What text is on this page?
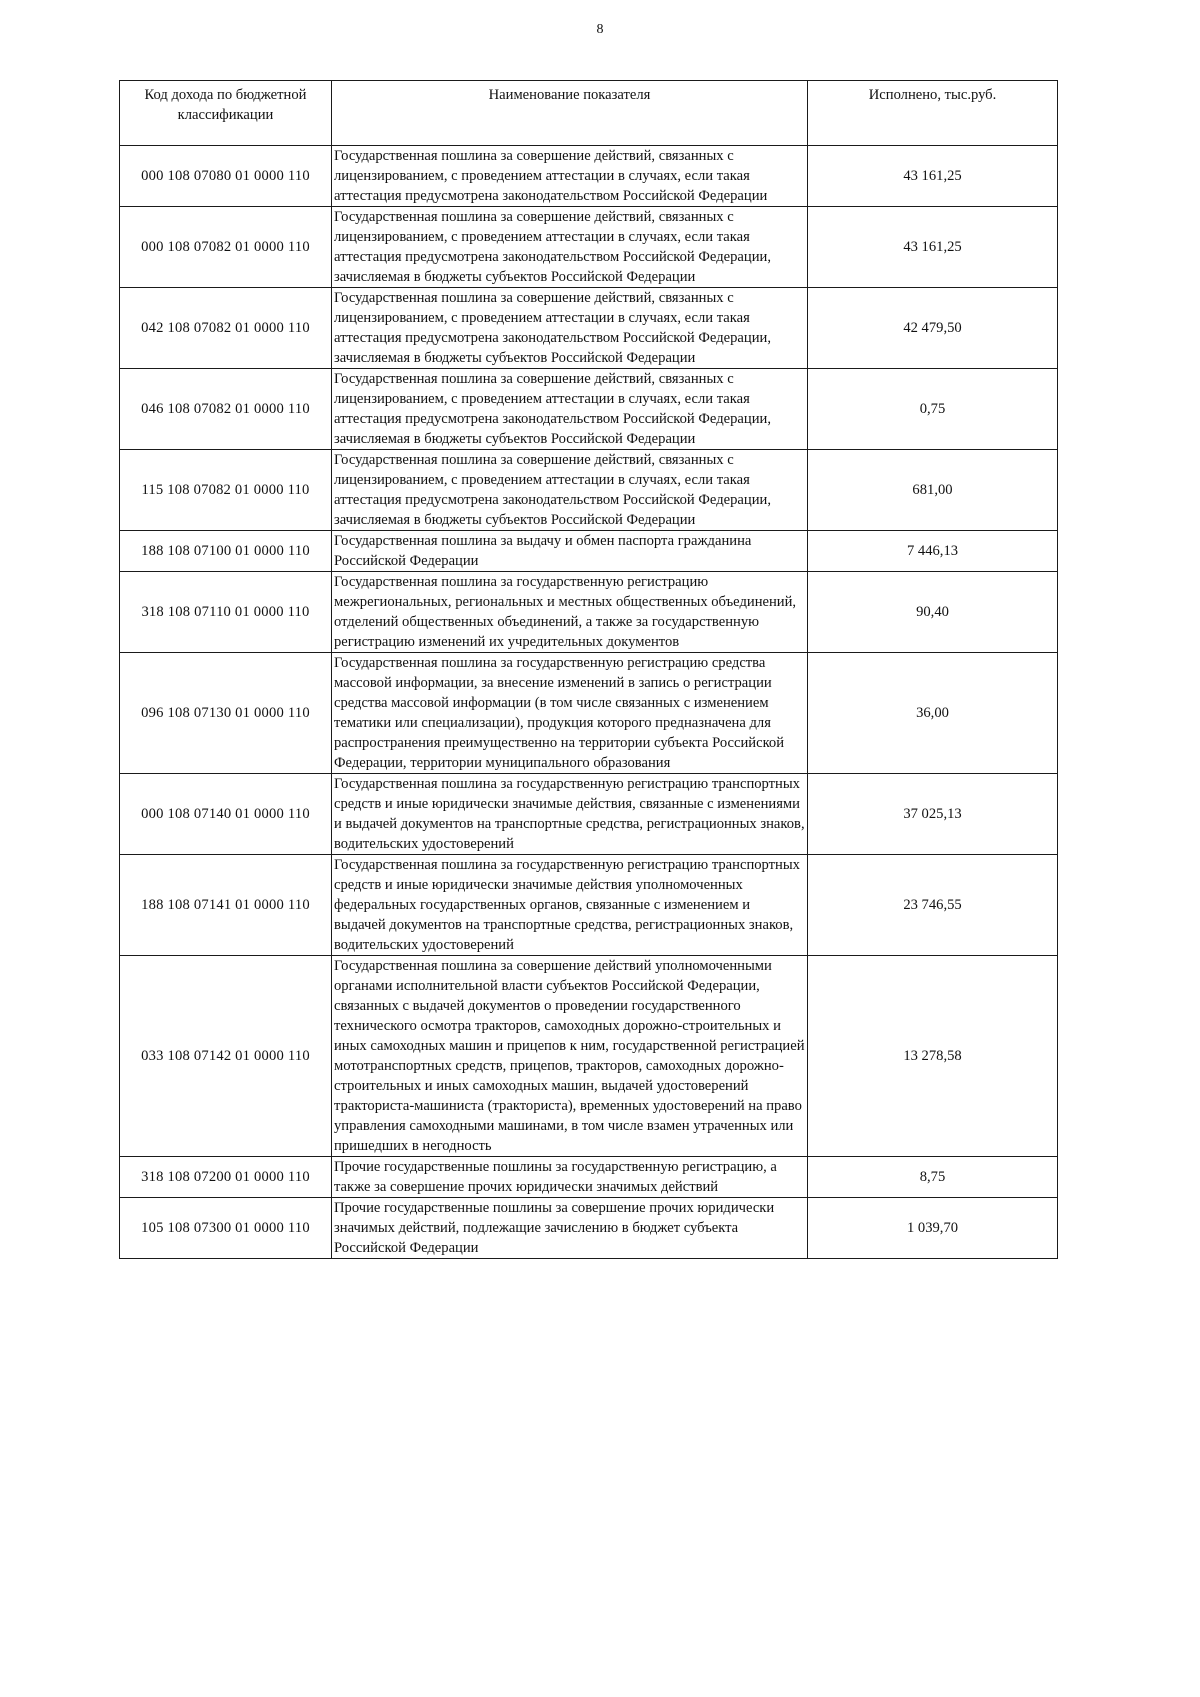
8
Код дохода по бюджетной классификации	Наименование показателя	Исполнено, тыс.руб.
000 108 07080 01 0000 110	Государственная пошлина за совершение действий, связанных с лицензированием, с проведением аттестации в случаях, если такая аттестация предусмотрена законодательством Российской Федерации	43 161,25
000 108 07082 01 0000 110	Государственная пошлина за совершение действий, связанных с лицензированием, с проведением аттестации в случаях, если такая аттестация предусмотрена законодательством Российской Федерации, зачисляемая в бюджеты субъектов Российской Федерации	43 161,25
042 108 07082 01 0000 110	Государственная пошлина за совершение действий, связанных с лицензированием, с проведением аттестации в случаях, если такая аттестация предусмотрена законодательством Российской Федерации, зачисляемая в бюджеты субъектов Российской Федерации	42 479,50
046 108 07082 01 0000 110	Государственная пошлина за совершение действий, связанных с лицензированием, с проведением аттестации в случаях, если такая аттестация предусмотрена законодательством Российской Федерации, зачисляемая в бюджеты субъектов Российской Федерации	0,75
115 108 07082 01 0000 110	Государственная пошлина за совершение действий, связанных с лицензированием, с проведением аттестации в случаях, если такая аттестация предусмотрена законодательством Российской Федерации, зачисляемая в бюджеты субъектов Российской Федерации	681,00
188 108 07100 01 0000 110	Государственная пошлина за выдачу и обмен паспорта гражданина Российской Федерации	7 446,13
318 108 07110 01 0000 110	Государственная пошлина за государственную регистрацию межрегиональных, региональных и местных общественных объединений, отделений общественных объединений, а также за государственную регистрацию изменений их учредительных документов	90,40
096 108 07130 01 0000 110	Государственная пошлина за государственную регистрацию средства массовой информации, за внесение изменений в запись о регистрации средства массовой информации (в том числе связанных с изменением тематики или специализации), продукция которого предназначена для распространения преимущественно на территории субъекта Российской Федерации, территории муниципального образования	36,00
000 108 07140 01 0000 110	Государственная пошлина за государственную регистрацию транспортных средств и иные юридически значимые действия, связанные с изменениями и выдачей документов на транспортные средства, регистрационных знаков, водительских удостоверений	37 025,13
188 108 07141 01 0000 110	Государственная пошлина за государственную регистрацию транспортных средств и иные юридически значимые действия уполномоченных федеральных государственных органов, связанные с изменением и выдачей документов на транспортные средства, регистрационных знаков, водительских удостоверений	23 746,55
033 108 07142 01 0000 110	Государственная пошлина за совершение действий уполномоченными органами исполнительной власти субъектов Российской Федерации, связанных с выдачей документов о проведении государственного технического осмотра тракторов, самоходных дорожно-строительных и иных самоходных машин и прицепов к ним, государственной регистрацией мототранспортных средств, прицепов, тракторов, самоходных дорожно-строительных и иных самоходных машин, выдачей удостоверений тракториста-машиниста (тракториста), временных удостоверений на право управления самоходными машинами, в том числе взамен утраченных или пришедших в негодность	13 278,58
318 108 07200 01 0000 110	Прочие государственные пошлины за государственную регистрацию, а также за совершение прочих юридически значимых действий	8,75
105 108 07300 01 0000 110	Прочие государственные пошлины за совершение прочих юридически значимых действий, подлежащие зачислению в бюджет субъекта Российской Федерации	1 039,70
